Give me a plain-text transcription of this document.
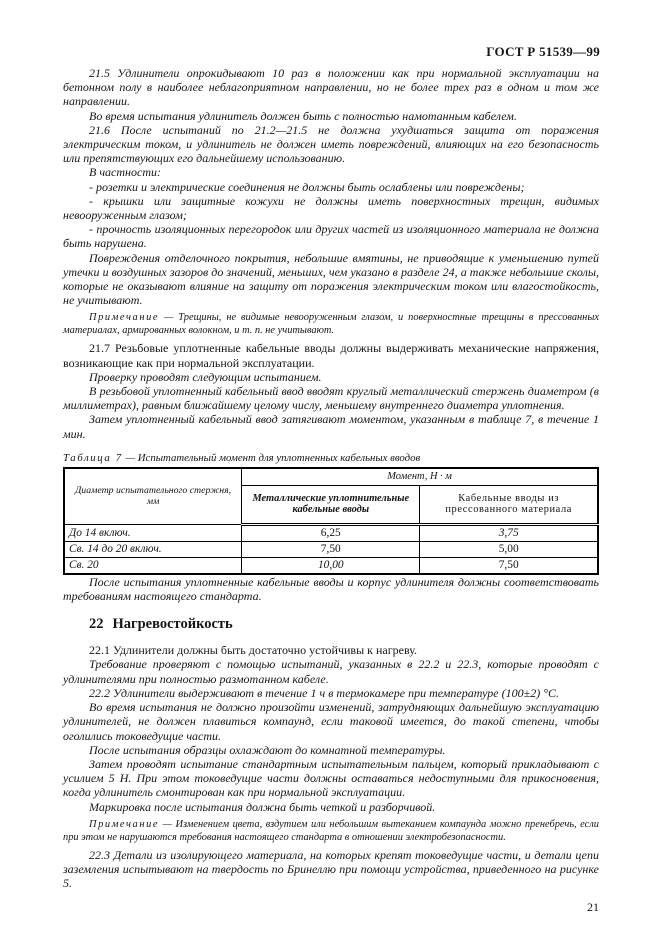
ГОСТ Р 51539—99

21.5 Удлинители опрокидывают 10 раз в положении как при нормальной эксплуатации на бетонном полу в наиболее неблагоприятном направлении, но не более трех раз в одном и том же направлении.

Во время испытания удлинитель должен быть с полностью намотанным кабелем.

21.6 После испытаний по 21.2—21.5 не должна ухудшаться защита от поражения электрическим током, и удлинитель не должен иметь повреждений, влияющих на его безопасность или препятствующих его дальнейшему использованию.

В частности:

- розетки и электрические соединения не должны быть ослаблены или повреждены;

- крышки или защитные кожухи не должны иметь поверхностных трещин, видимых невооруженным глазом;

- прочность изоляционных перегородок или других частей из изоляционного материала не должна быть нарушена.

Повреждения отделочного покрытия, небольшие вмятины, не приводящие к уменьшению путей утечки и воздушных зазоров до значений, меньших, чем указано в разделе 24, а также небольшие сколы, которые не оказывают влияние на защиту от поражения электрическим током или влагостойкость, не учитывают.

Примечание — Трещины, не видимые невооруженным глазом, и поверхностные трещины в прессованных материалах, армированных волокном, и т. п. не учитывают.

21.7 Резьбовые уплотненные кабельные вводы должны выдерживать механические напряжения, возникающие как при нормальной эксплуатации.

Проверку проводят следующим испытанием.

В резьбовой уплотненный кабельный ввод вводят круглый металлический стержень диаметром (в миллиметрах), равным ближайшему целому числу, меньшему внутреннего диаметра уплотнения.

Затем уплотненный кабельный ввод затягивают моментом, указанным в таблице 7, в течение 1 мин.

Таблица 7 — Испытательный момент для уплотненных кабельных вводов
Диаметр испытательного стержня, мм	Момент, Н · м	
	Металлические уплотнительные кабельные вводы	Кабельные вводы из прессованного материала
До 14 включ.	6,25	3,75
Св. 14 до 20 включ.	7,50	5,00
Св. 20	10,00	7,50

После испытания уплотненные кабельные вводы и корпус удлинителя должны соответствовать требованиям настоящего стандарта.

22 Нагревостойкость

22.1 Удлинители должны быть достаточно устойчивы к нагреву.

Требование проверяют с помощью испытаний, указанных в 22.2 и 22.3, которые проводят с удлинителями при полностью размотанном кабеле.

22.2 Удлинители выдерживают в течение 1 ч в термокамере при температуре (100±2) °С.

Во время испытания не должно произойти изменений, затрудняющих дальнейшую эксплуатацию удлинителей, не должен плавиться компаунд, если таковой имеется, до такой степени, чтобы оголились токоведущие части.

После испытания образцы охлаждают до комнатной температуры.

Затем проводят испытание стандартным испытательным пальцем, который прикладывают с усилием 5 Н. При этом токоведущие части должны оставаться недоступными для прикосновения, когда удлинитель смонтирован как при нормальной эксплуатации.

Маркировка после испытания должна быть четкой и разборчивой.

Примечание — Изменением цвета, вздутием или небольшим вытеканием компаунда можно пренебречь, если при этом не нарушаются требования настоящего стандарта в отношении электробезопасности.

22.3 Детали из изолирующего материала, на которых крепят токоведущие части, и детали цепи заземления испытывают на твердость по Бринеллю при помощи устройства, приведенного на рисунке 5.

21
